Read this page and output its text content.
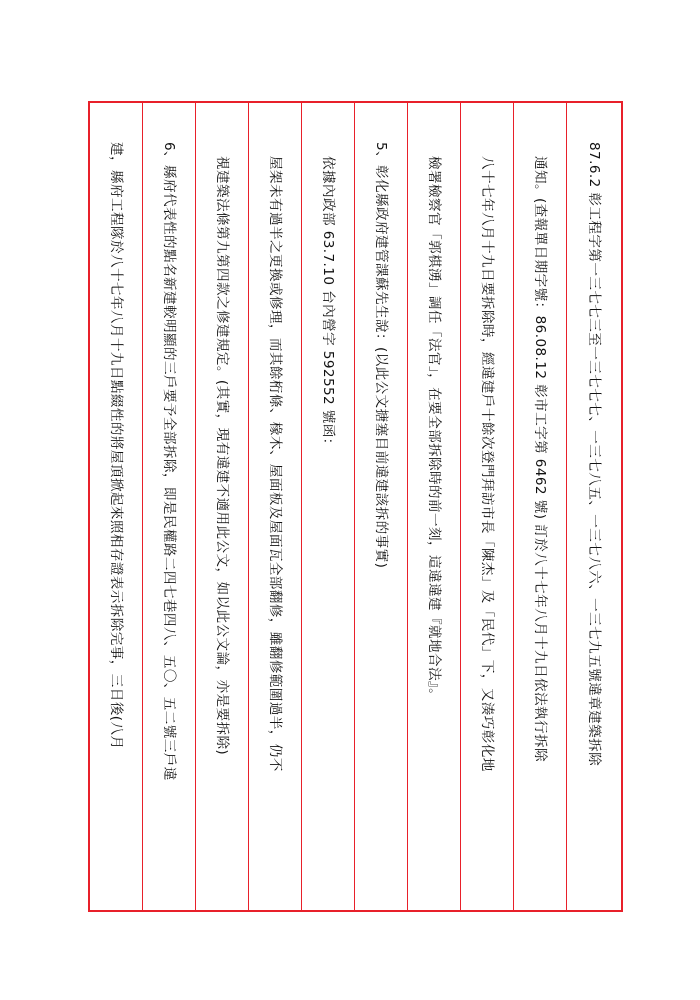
建，縣府工程隊於八十七年八月十九日點綴性的將屋頂掀起來照相存證表示拆除完事，三日後(八月	6、縣府代表性的點名新建較明顯的三戶要予全部拆除，即是民權路二四七巷四八、五〇、五二號三戶違	視建築法條第九第四款之修建規定。(其實，現有違建不適用此公文，如以此公文論，亦是要拆除)	屋架未有過半之更換或修理，而其餘桁條、椽木、屋面板及屋面瓦全部翻修，雖翻修範圍過半，仍不	依據內政部 63.7.10 台內營字 592552 號函：	5、彰化縣政府建管課蘇先生說：(以此公文搪塞目前違建該拆的事實)	檢署檢察官「郭棋湧」調任「法官」，在要全部拆除時的前一刻，這違違建『就地合法』。	八十七年八月十九日要拆除時，經違建戶十餘次登門拜訪市長「陳杰」及「民代」下，又湊巧彰化地	通知。(查報單日期字號：86.08.12 彰市工字第 6462 號) 訂於八十七年八月十九日依法執行拆除	87.6.2 彰工程字第一三七七三至一三七七七、一三七八五、一三七八六、一三七九五號違章建築拆除
